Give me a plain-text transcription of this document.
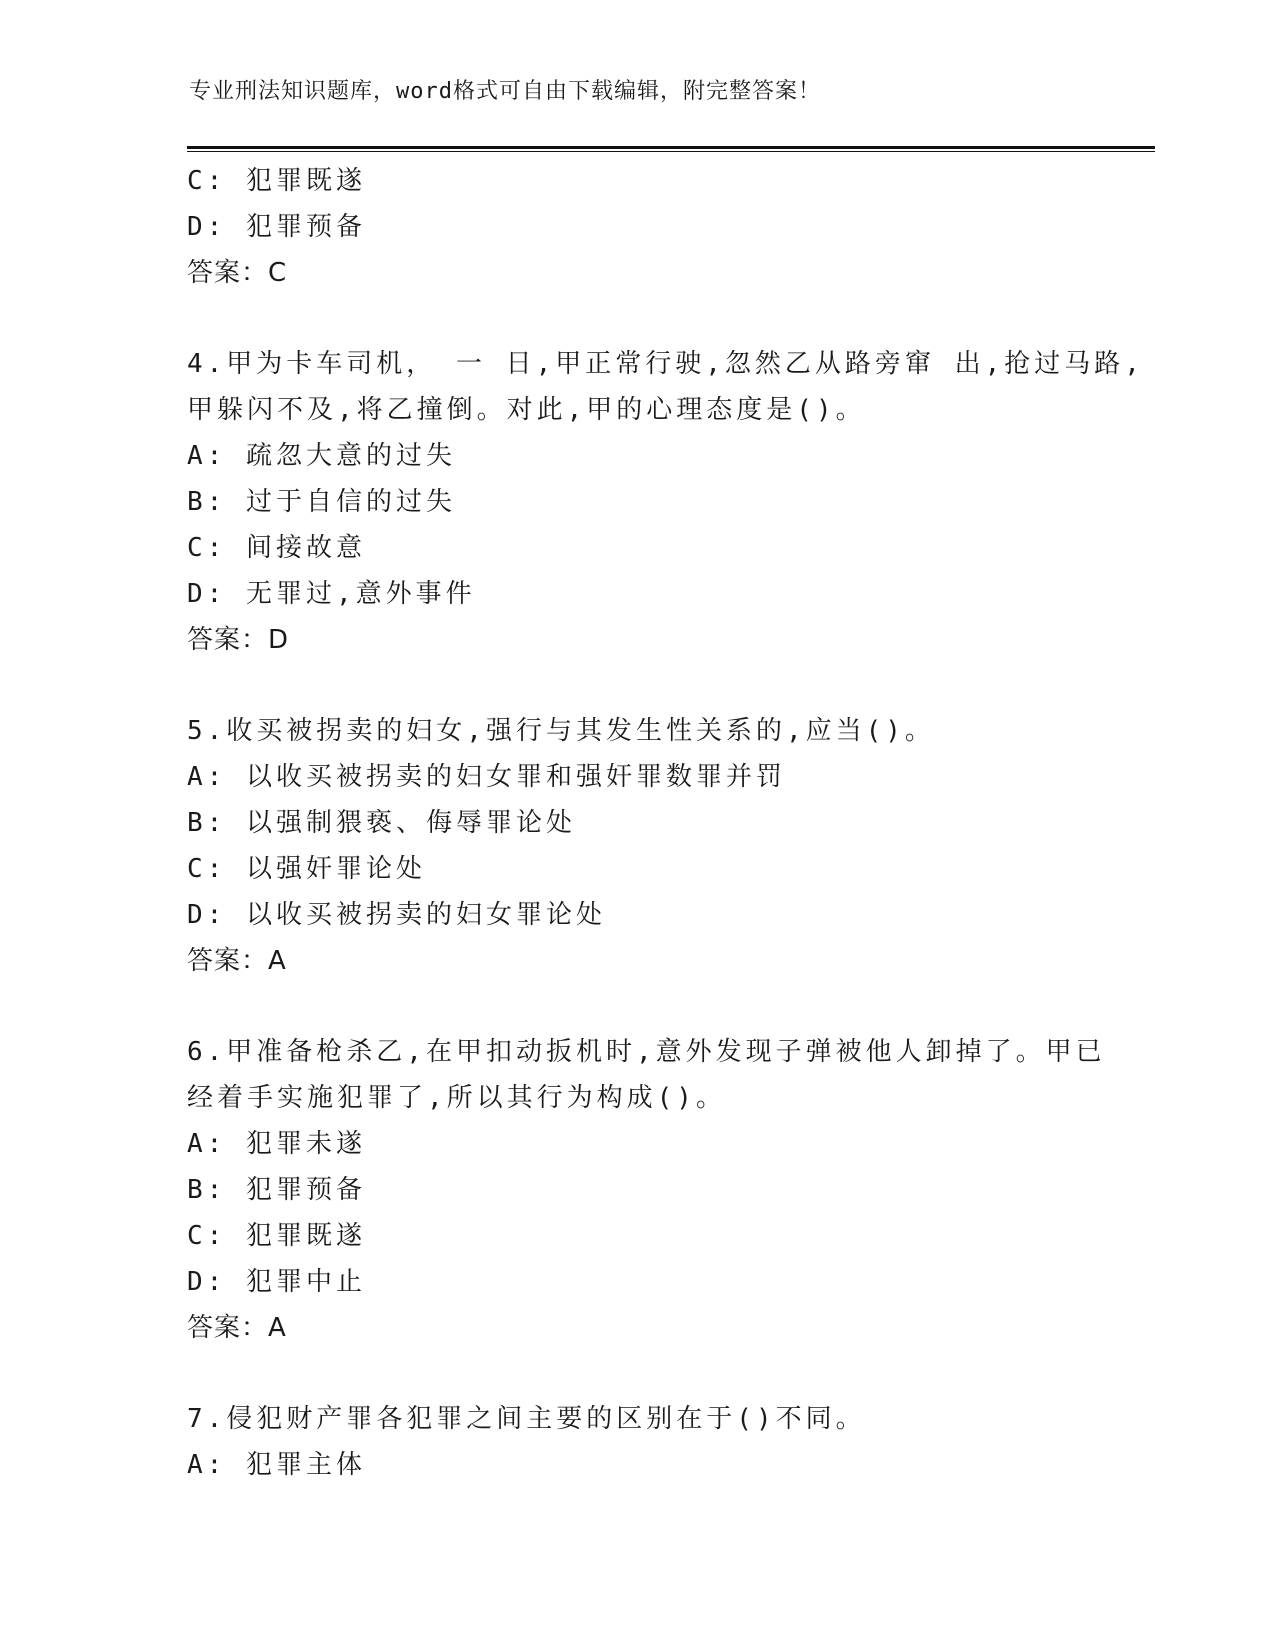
专业刑法知识题库，word格式可自由下载编辑，附完整答案！
C: 犯罪既遂
D: 犯罪预备
答案：C
4.甲为卡车司机， 一 日,甲正常行驶,忽然乙从路旁窜 出,抢过马路,
甲躲闪不及,将乙撞倒。对此,甲的心理态度是()。
A: 疏忽大意的过失
B: 过于自信的过失
C: 间接故意
D: 无罪过,意外事件
答案：D
5.收买被拐卖的妇女,强行与其发生性关系的,应当()。
A: 以收买被拐卖的妇女罪和强奸罪数罪并罚
B: 以强制猥亵、侮辱罪论处
C: 以强奸罪论处
D: 以收买被拐卖的妇女罪论处
答案：A
6.甲准备枪杀乙,在甲扣动扳机时,意外发现子弹被他人卸掉了。甲已
经着手实施犯罪了,所以其行为构成()。
A: 犯罪未遂
B: 犯罪预备
C: 犯罪既遂
D: 犯罪中止
答案：A
7.侵犯财产罪各犯罪之间主要的区别在于()不同。
A: 犯罪主体
